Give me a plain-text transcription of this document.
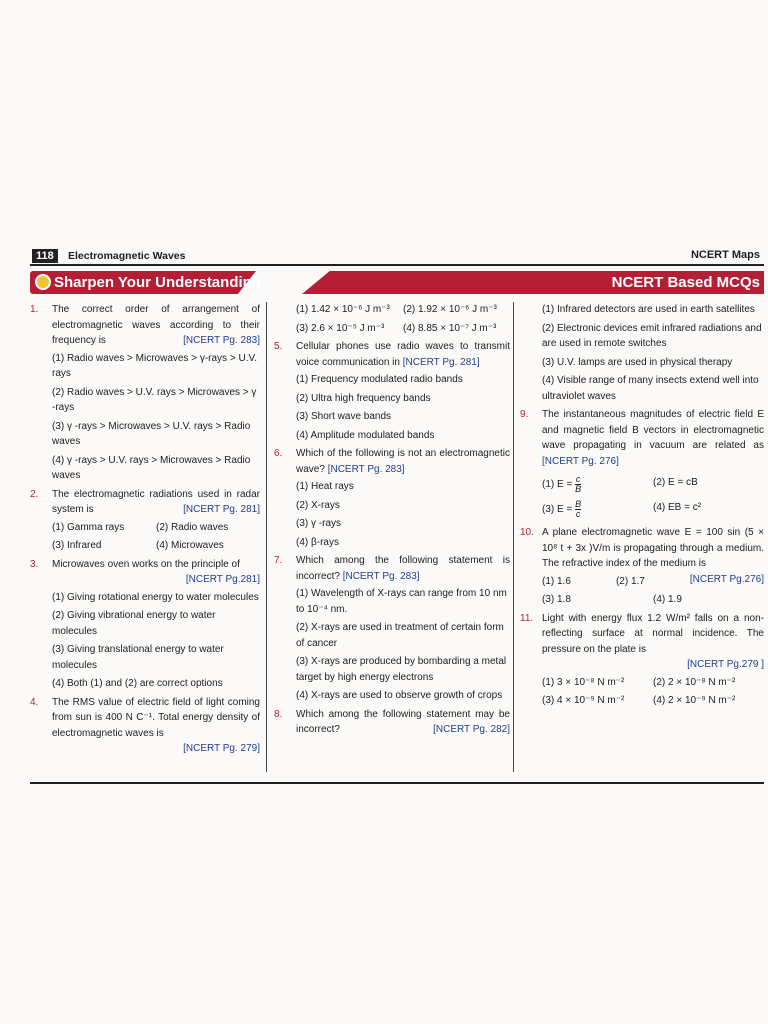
118	Electromagnetic Waves	NCERT Maps
Sharpen Your Understanding	NCERT Based MCQs
1.	The correct order of arrangement of electromagnetic waves according to their frequency is	[NCERT Pg. 283]
(1) Radio waves > Microwaves > γ-rays > U.V. rays
(2) Radio waves > U.V. rays > Microwaves > γ -rays
(3) γ -rays > Microwaves > U.V. rays > Radio waves
(4) γ -rays > U.V. rays > Microwaves > Radio waves
2.	The electromagnetic radiations used in radar system is	[NCERT Pg. 281]
(1) Gamma rays	(2) Radio waves
(3) Infrared	(4) Microwaves
3.	Microwaves oven works on the principle of
[NCERT Pg.281]
(1) Giving rotational energy to water molecules
(2) Giving vibrational energy to water molecules
(3) Giving translational energy to water molecules
(4) Both (1) and (2) are correct options
4.	The RMS value of electric field of light coming from sun is 400 N C⁻¹. Total energy density of electromagnetic waves is
[NCERT Pg. 279]
(1) 1.42 × 10⁻⁶ J m⁻³	(2) 1.92 × 10⁻⁶ J m⁻³
(3) 2.6 × 10⁻⁵ J m⁻³	(4) 8.85 × 10⁻⁷ J m⁻³
5.	Cellular phones use radio waves to transmit voice communication in [NCERT Pg. 281]
(1) Frequency modulated radio bands
(2) Ultra high frequency bands
(3) Short wave bands
(4) Amplitude modulated bands
6.	Which of the following is not an electromagnetic wave? [NCERT Pg. 283]
(1) Heat rays
(2) X-rays
(3) γ -rays
(4) β-rays
7.	Which among the following statement is incorrect? [NCERT Pg. 283]
(1) Wavelength of X-rays can range from 10 nm to 10⁻⁴ nm.
(2) X-rays are used in treatment of certain form of cancer
(3) X-rays are produced by bombarding a metal target by high energy electrons
(4) X-rays are used to observe growth of crops
8.	Which among the following statement may be incorrect?	[NCERT Pg. 282]
(1) Infrared detectors are used in earth satellites
(2) Electronic devices emit infrared radiations and are used in remote switches
(3) U.V. lamps are used in physical therapy
(4) Visible range of many insects extend well into ultraviolet waves
9.	The instantaneous magnitudes of electric field E and magnetic field B vectors in electromagnetic wave propagating in vacuum are related as [NCERT Pg. 276]
(1) $E = \frac{c}{B}$	(2) E = cB
(3) $E = \frac{B}{c}$	(4) EB = c²
10. A plane electromagnetic wave E = 100 sin (5 × 10⁸ t + 3x )V/m is propagating through a medium. The refractive index of the medium is
[NCERT Pg.276]
(1) 1.6	(2) 1.7
(3) 1.8	(4) 1.9
11. Light with energy flux 1.2 W/m² falls on a non-reflecting surface at normal incidence. The pressure on the plate is
[NCERT Pg.279 ]
(1) 3 × 10⁻⁸ N m⁻²	(2) 2 × 10⁻⁸ N m⁻²
(3) 4 × 10⁻⁹ N m⁻²	(4) 2 × 10⁻⁹ N m⁻²
